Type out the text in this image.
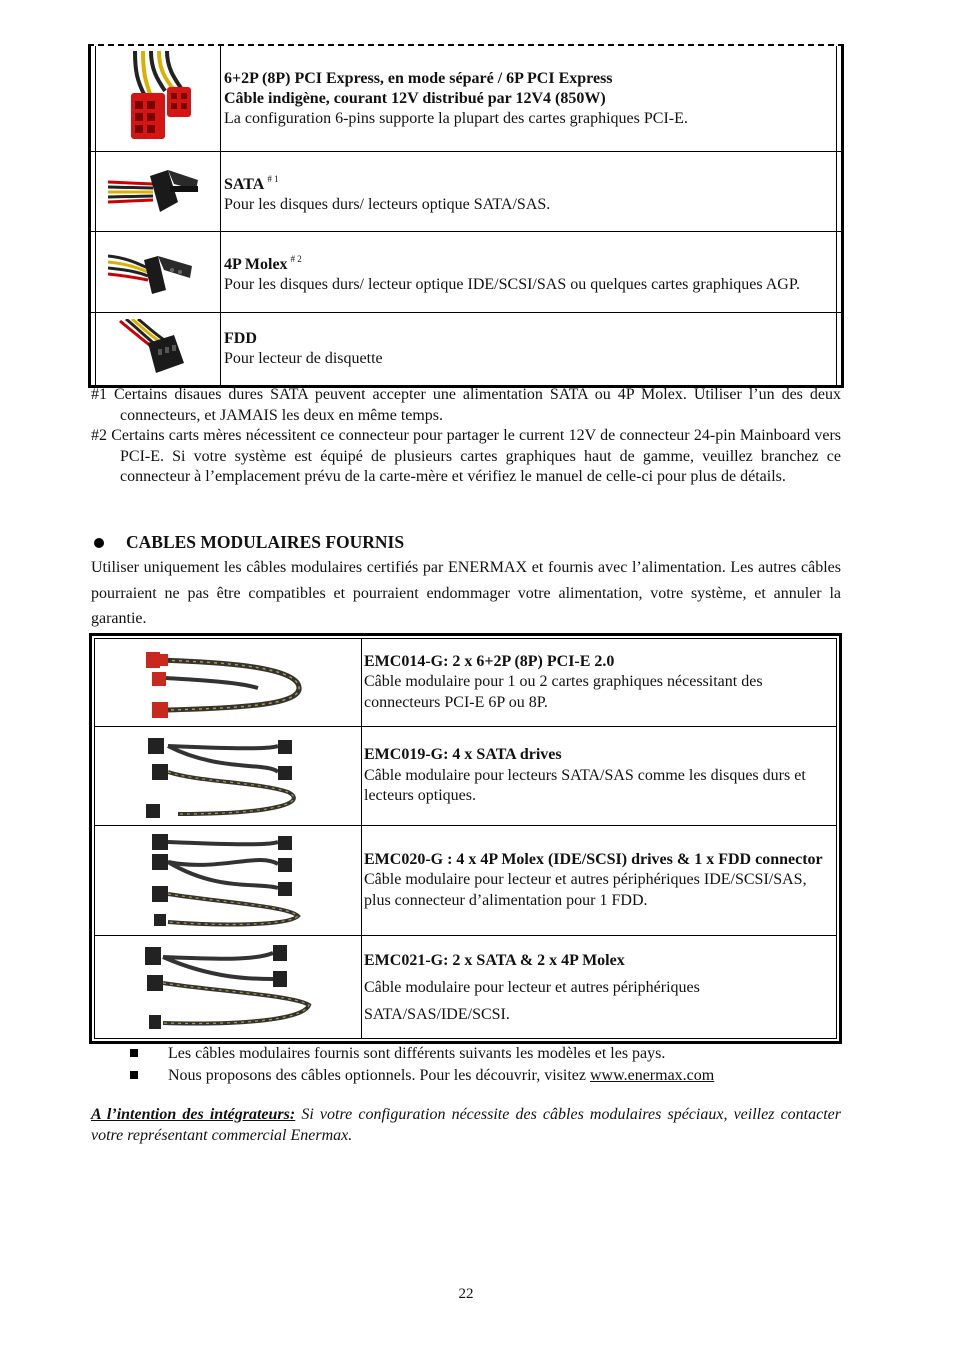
6+2P (8P) PCI Express, en mode séparé / 6P PCI Express
Câble indigène, courant 12V distribué par 12V4 (850W)
La configuration 6-pins supporte la plupart des cartes graphiques PCI-E.
SATA $^{\# 1}$
Pour les disques durs/ lecteurs optique SATA/SAS.
4P Molex $^{\# 2}$
Pour les disques durs/ lecteur optique IDE/SCSI/SAS ou quelques cartes graphiques AGP.
FDD
Pour lecteur de disquette
#1 Certains disaues dures SATA peuvent accepter une alimentation SATA ou 4P Molex. Utiliser l’un des deux connecteurs, et JAMAIS les deux en même temps.
#2 Certains carts mères nécessitent ce connecteur pour partager le current 12V de connecteur 24-pin Mainboard vers PCI-E. Si votre système est équipé de plusieurs cartes graphiques haut de gamme, veuillez branchez ce connecteur à l’emplacement prévu de la carte-mère et vérifiez le manuel de celle-ci pour plus de détails.
CABLES MODULAIRES FOURNIS
Utiliser uniquement les câbles modulaires certifiés par ENERMAX et fournis avec l’alimentation. Les autres câbles pourraient ne pas être compatibles et pourraient endommager votre alimentation, votre système, et annuler la garantie.
EMC014-G: 2 x 6+2P (8P) PCI-E 2.0
Câble modulaire pour 1 ou 2 cartes graphiques nécessitant des connecteurs PCI-E 6P ou 8P.
EMC019-G: 4 x SATA drives
Câble modulaire pour lecteurs SATA/SAS comme les disques durs et lecteurs optiques.
EMC020-G : 4 x 4P Molex (IDE/SCSI) drives & 1 x FDD connector
Câble modulaire pour lecteur et autres périphériques IDE/SCSI/SAS, plus connecteur d’alimentation pour 1 FDD.
EMC021-G: 2 x SATA & 2 x 4P Molex
Câble modulaire pour lecteur et autres périphériques SATA/SAS/IDE/SCSI.
Les câbles modulaires fournis sont différents suivants les modèles et les pays.
Nous proposons des câbles optionnels. Pour les découvrir, visitez www.enermax.com
A l’intention des intégrateurs: Si votre configuration nécessite des câbles modulaires spéciaux, veillez contacter votre représentant commercial Enermax.
22
